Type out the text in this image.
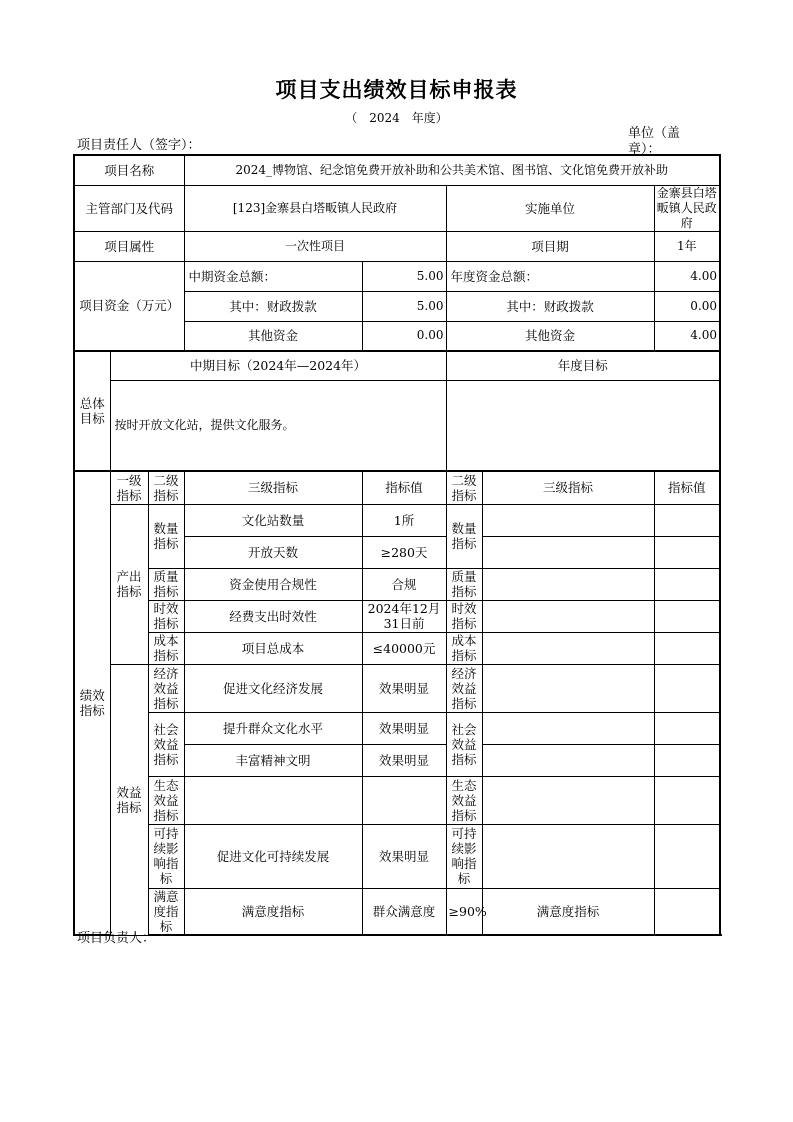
项目支出绩效目标申报表
（　2024　年度）
项目责任人（签字）：
单位（盖章）：
项目名称			2024_博物馆、纪念馆免费开放补助和公共美术馆、图书馆、文化馆免费开放补助					
主管部门及代码			[123]金寨县白塔畈镇人民政府		实施单位		金寨县白塔畈镇人民政府	
项目属性			一次性项目		项目期		1年	
项目资金（万元）			中期资金总额：	5.00	年度资金总额：		4.00	
			其中：财政拨款	5.00	其中：财政拨款		0.00	
			其他资金	0.00	其他资金		4.00	
总体目标	中期目标（2024年—2024年）				年度目标			
	按时开放文化站，提供文化服务。							
绩效指标	一级指标	二级指标	三级指标	指标值	二级指标	三级指标	指标值	
	产出指标	数量指标	文化站数量	1所	数量指标			
			开放天数	≥280天				
		质量指标	资金使用合规性	合规	质量指标			
		时效指标	经费支出时效性	2024年12月31日前	时效指标			
		成本指标	项目总成本	≤40000元	成本指标			
	效益指标	经济效益指标	促进文化经济发展	效果明显	经济效益指标			
		社会效益指标	提升群众文化水平	效果明显	社会效益指标			
			丰富精神文明	效果明显				
		生态效益指标			生态效益指标			
		可持续影响指标	促进文化可持续发展	效果明显	可持续影响指标			
		满意度指标	满意度指标	群众满意度	≥90%	满意度指标		
项目负责人：
